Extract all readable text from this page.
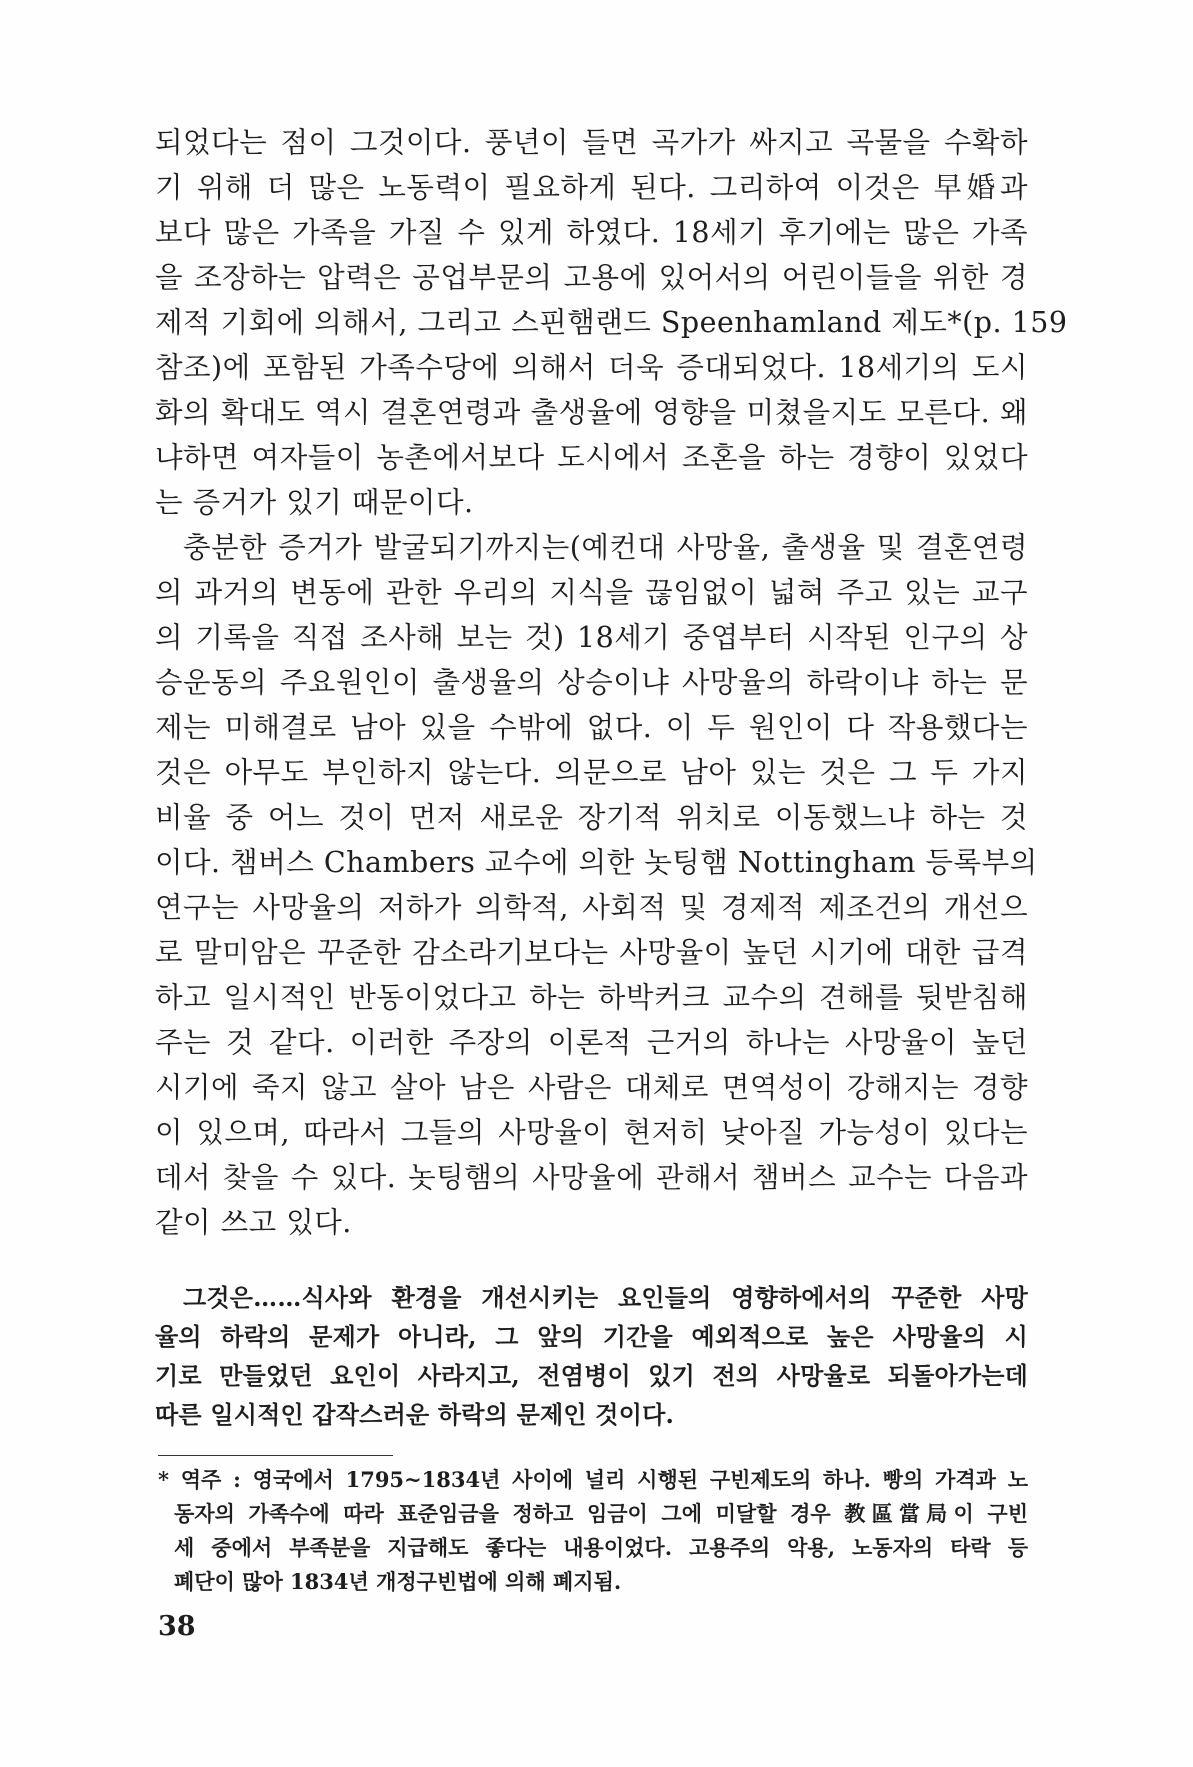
되었다는 점이 그것이다. 풍년이 들면 곡가가 싸지고 곡물을 수확하
기 위해 더 많은 노동력이 필요하게 된다. 그리하여 이것은 早婚과
보다 많은 가족을 가질 수 있게 하였다. 18세기 후기에는 많은 가족
을 조장하는 압력은 공업부문의 고용에 있어서의 어린이들을 위한 경
제적 기회에 의해서, 그리고 스핀햄랜드 Speenhamland 제도*(p. 159
참조)에 포함된 가족수당에 의해서 더욱 증대되었다. 18세기의 도시
화의 확대도 역시 결혼연령과 출생율에 영향을 미쳤을지도 모른다. 왜
냐하면 여자들이 농촌에서보다 도시에서 조혼을 하는 경향이 있었다
는 증거가 있기 때문이다.
충분한 증거가 발굴되기까지는(예컨대 사망율, 출생율 및 결혼연령
의 과거의 변동에 관한 우리의 지식을 끊임없이 넓혀 주고 있는 교구
의 기록을 직접 조사해 보는 것) 18세기 중엽부터 시작된 인구의 상
승운동의 주요원인이 출생율의 상승이냐 사망율의 하락이냐 하는 문
제는 미해결로 남아 있을 수밖에 없다. 이 두 원인이 다 작용했다는
것은 아무도 부인하지 않는다. 의문으로 남아 있는 것은 그 두 가지
비율 중 어느 것이 먼저 새로운 장기적 위치로 이동했느냐 하는 것
이다. 챔버스 Chambers 교수에 의한 놋팅햄 Nottingham 등록부의
연구는 사망율의 저하가 의학적, 사회적 및 경제적 제조건의 개선으
로 말미암은 꾸준한 감소라기보다는 사망율이 높던 시기에 대한 급격
하고 일시적인 반동이었다고 하는 하박커크 교수의 견해를 뒷받침해
주는 것 같다. 이러한 주장의 이론적 근거의 하나는 사망율이 높던
시기에 죽지 않고 살아 남은 사람은 대체로 면역성이 강해지는 경향
이 있으며, 따라서 그들의 사망율이 현저히 낮아질 가능성이 있다는
데서 찾을 수 있다. 놋팅햄의 사망율에 관해서 챔버스 교수는 다음과
같이 쓰고 있다.
그것은……식사와 환경을 개선시키는 요인들의 영향하에서의 꾸준한 사망
율의 하락의 문제가 아니라, 그 앞의 기간을 예외적으로 높은 사망율의 시
기로 만들었던 요인이 사라지고, 전염병이 있기 전의 사망율로 되돌아가는데
따른 일시적인 갑작스러운 하락의 문제인 것이다.
* 역주 : 영국에서 1795~1834년 사이에 널리 시행된 구빈제도의 하나. 빵의 가격과 노
동자의 가족수에 따라 표준임금을 정하고 임금이 그에 미달할 경우 教區當局이 구빈
세 중에서 부족분을 지급해도 좋다는 내용이었다. 고용주의 악용, 노동자의 타락 등
폐단이 많아 1834년 개정구빈법에 의해 폐지됨.
38
